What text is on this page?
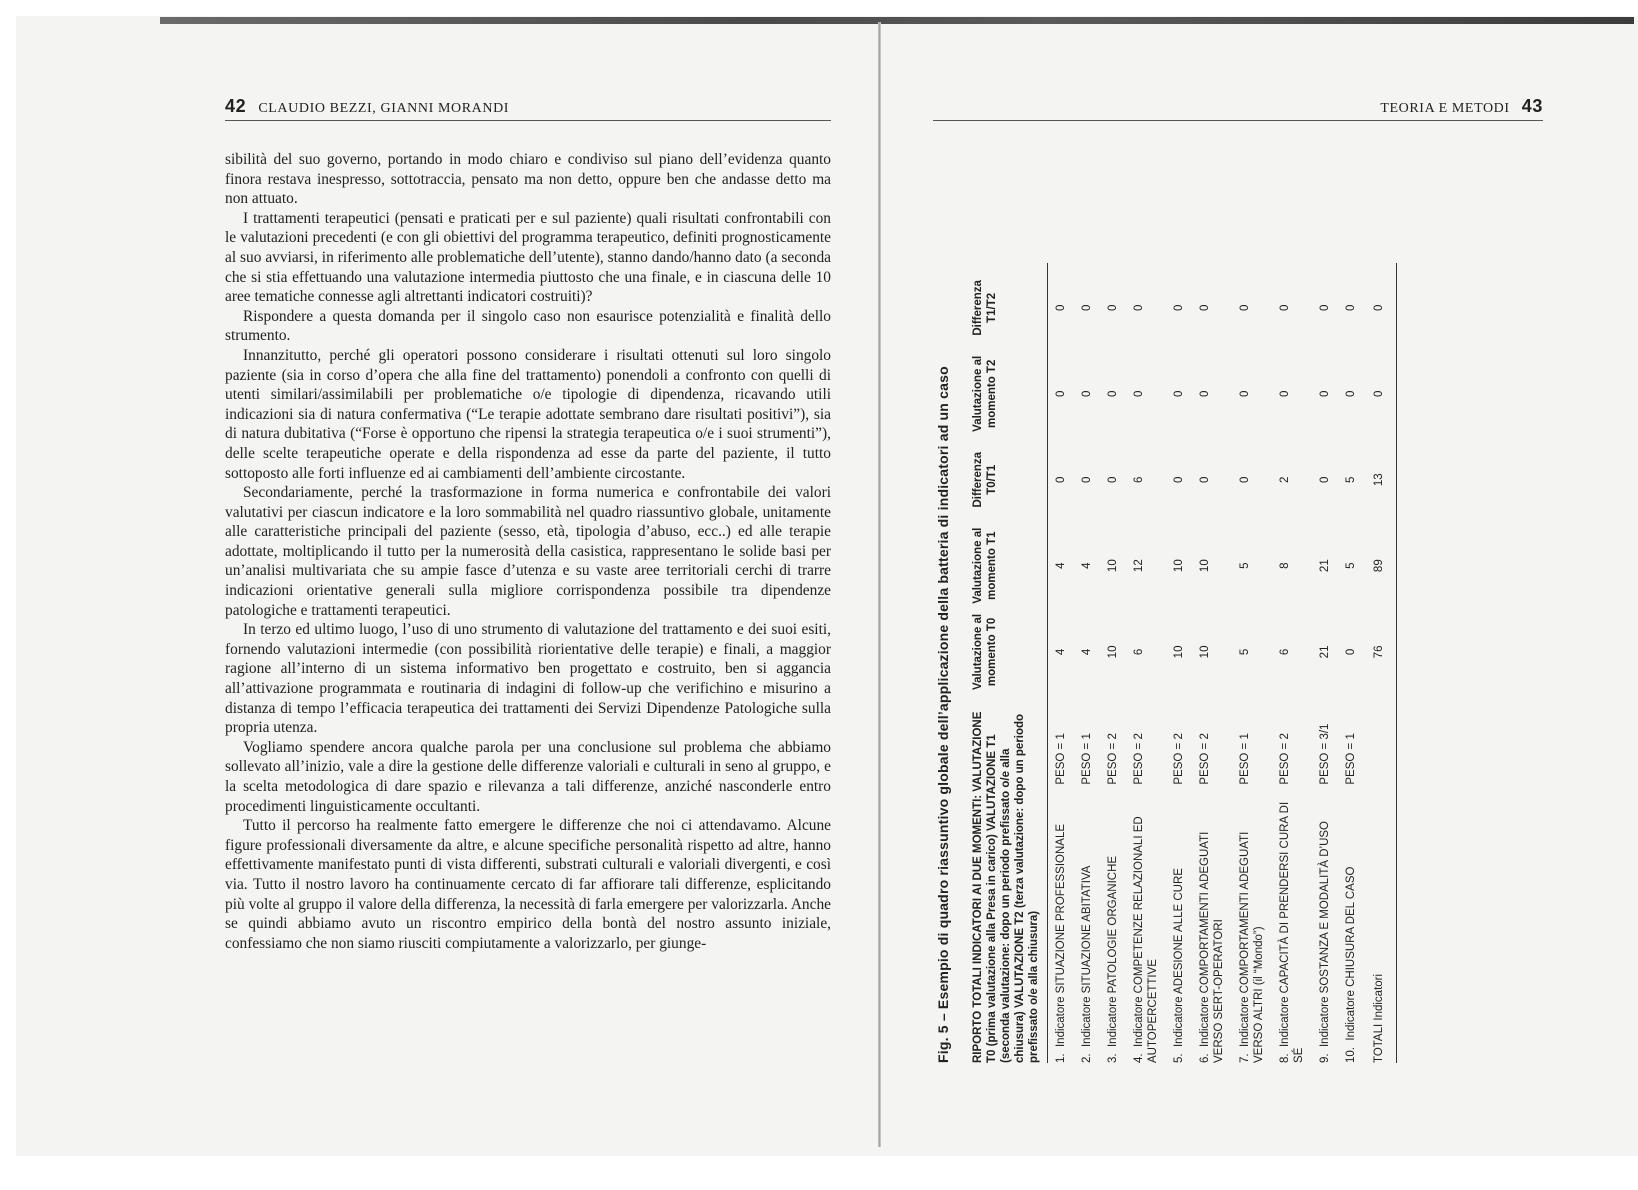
42 CLAUDIO BEZZI, GIANNI MORANDI

sibilità del suo governo, portando in modo chiaro e condiviso sul piano dell’evidenza quanto finora restava inespresso, sottotraccia, pensato ma non detto, oppure ben che andasse detto ma non attuato.

I trattamenti terapeutici (pensati e praticati per e sul paziente) quali risultati confrontabili con le valutazioni precedenti (e con gli obiettivi del programma terapeutico, definiti prognosticamente al suo avviarsi, in riferimento alle problematiche dell’utente), stanno dando/hanno dato (a seconda che si stia effettuando una valutazione intermedia piuttosto che una finale, e in ciascuna delle 10 aree tematiche connesse agli altrettanti indicatori costruiti)?

Rispondere a questa domanda per il singolo caso non esaurisce potenzialità e finalità dello strumento.

Innanzitutto, perché gli operatori possono considerare i risultati ottenuti sul loro singolo paziente (sia in corso d’opera che alla fine del trattamento) ponendoli a confronto con quelli di utenti similari/assimilabili per problematiche o/e tipologie di dipendenza, ricavando utili indicazioni sia di natura confermativa (“Le terapie adottate sembrano dare risultati positivi”), sia di natura dubitativa (“Forse è opportuno che ripensi la strategia terapeutica o/e i suoi strumenti”), delle scelte terapeutiche operate e della rispondenza ad esse da parte del paziente, il tutto sottoposto alle forti influenze ed ai cambiamenti dell’ambiente circostante.

Secondariamente, perché la trasformazione in forma numerica e confrontabile dei valori valutativi per ciascun indicatore e la loro sommabilità nel quadro riassuntivo globale, unitamente alle caratteristiche principali del paziente (sesso, età, tipologia d’abuso, ecc..) ed alle terapie adottate, moltiplicando il tutto per la numerosità della casistica, rappresentano le solide basi per un’analisi multivariata che su ampie fasce d’utenza e su vaste aree territoriali cerchi di trarre indicazioni orientative generali sulla migliore corrispondenza possibile tra dipendenze patologiche e trattamenti terapeutici.

In terzo ed ultimo luogo, l’uso di uno strumento di valutazione del trattamento e dei suoi esiti, fornendo valutazioni intermedie (con possibilità riorientative delle terapie) e finali, a maggior ragione all’interno di un sistema informativo ben progettato e costruito, ben si aggancia all’attivazione programmata e routinaria di indagini di follow-up che verifichino e misurino a distanza di tempo l’efficacia terapeutica dei trattamenti dei Servizi Dipendenze Patologiche sulla propria utenza.

Vogliamo spendere ancora qualche parola per una conclusione sul problema che abbiamo sollevato all’inizio, vale a dire la gestione delle differenze valoriali e culturali in seno al gruppo, e la scelta metodologica di dare spazio e rilevanza a tali differenze, anziché nasconderle entro procedimenti linguisticamente occultanti.

Tutto il percorso ha realmente fatto emergere le differenze che noi ci attendavamo. Alcune figure professionali diversamente da altre, e alcune specifiche personalità rispetto ad altre, hanno effettivamente manifestato punti di vista differenti, substrati culturali e valoriali divergenti, e così via. Tutto il nostro lavoro ha continuamente cercato di far affiorare tali differenze, esplicitando più volte al gruppo il valore della differenza, la necessità di farla emergere per valorizzarla. Anche se quindi abbiamo avuto un riscontro empirico della bontà del nostro assunto iniziale, confessiamo che non siamo riusciti compiutamente a valorizzarlo, per giunge-

TEORIA E METODI 43
Fig. 5 – Esempio di quadro riassuntivo globale dell’applicazione della batteria di indicatori ad un caso RIPORTO TOTALI INDICATORI AI DUE MOMENTI: VALUTAZIONE T0 (prima valutazione alla Presa in carico) VALUTAZIONE T1 (seconda valutazione: dopo un periodo prefissato o/e alla chiusura) VALUTAZIONE T2 (terza valutazione: dopo un periodo prefissato o/e alla chiusura)		Valutazione al momento T0	Valutazione al momento T1	Differenza T0/T1	Valutazione al momento T2	Differenza T1/T2
1.  Indicatore SITUAZIONE PROFESSIONALE	PESO = 1	4	4	0	0	0
2.  Indicatore SITUAZIONE ABITATIVA	PESO = 1	4	4	0	0	0
3.  Indicatore PATOLOGIE ORGANICHE	PESO = 2	10	10	0	0	0
4.  Indicatore COMPETENZE RELAZIONALI ED AUTOPERCETTIVE	PESO = 2	6	12	6	0	0
5.  Indicatore ADESIONE ALLE CURE	PESO = 2	10	10	0	0	0
6.  Indicatore COMPORTAMENTI ADEGUATI VERSO SERT-OPERATORI	PESO = 2	10	10	0	0	0
7.  Indicatore COMPORTAMENTI ADEGUATI VERSO ALTRI (il “Mondo”)	PESO = 1	5	5	0	0	0
8.  Indicatore CAPACITÀ DI PRENDERSI CURA DI SÉ	PESO = 2	6	8	2	0	0
9.  Indicatore SOSTANZA E MODALITÀ D’USO	PESO = 3/1	21	21	0	0	0
10.  Indicatore CHIUSURA DEL CASO	PESO = 1	0	5	5	0	0
TOTALI Indicatori		76	89	13	0	0
